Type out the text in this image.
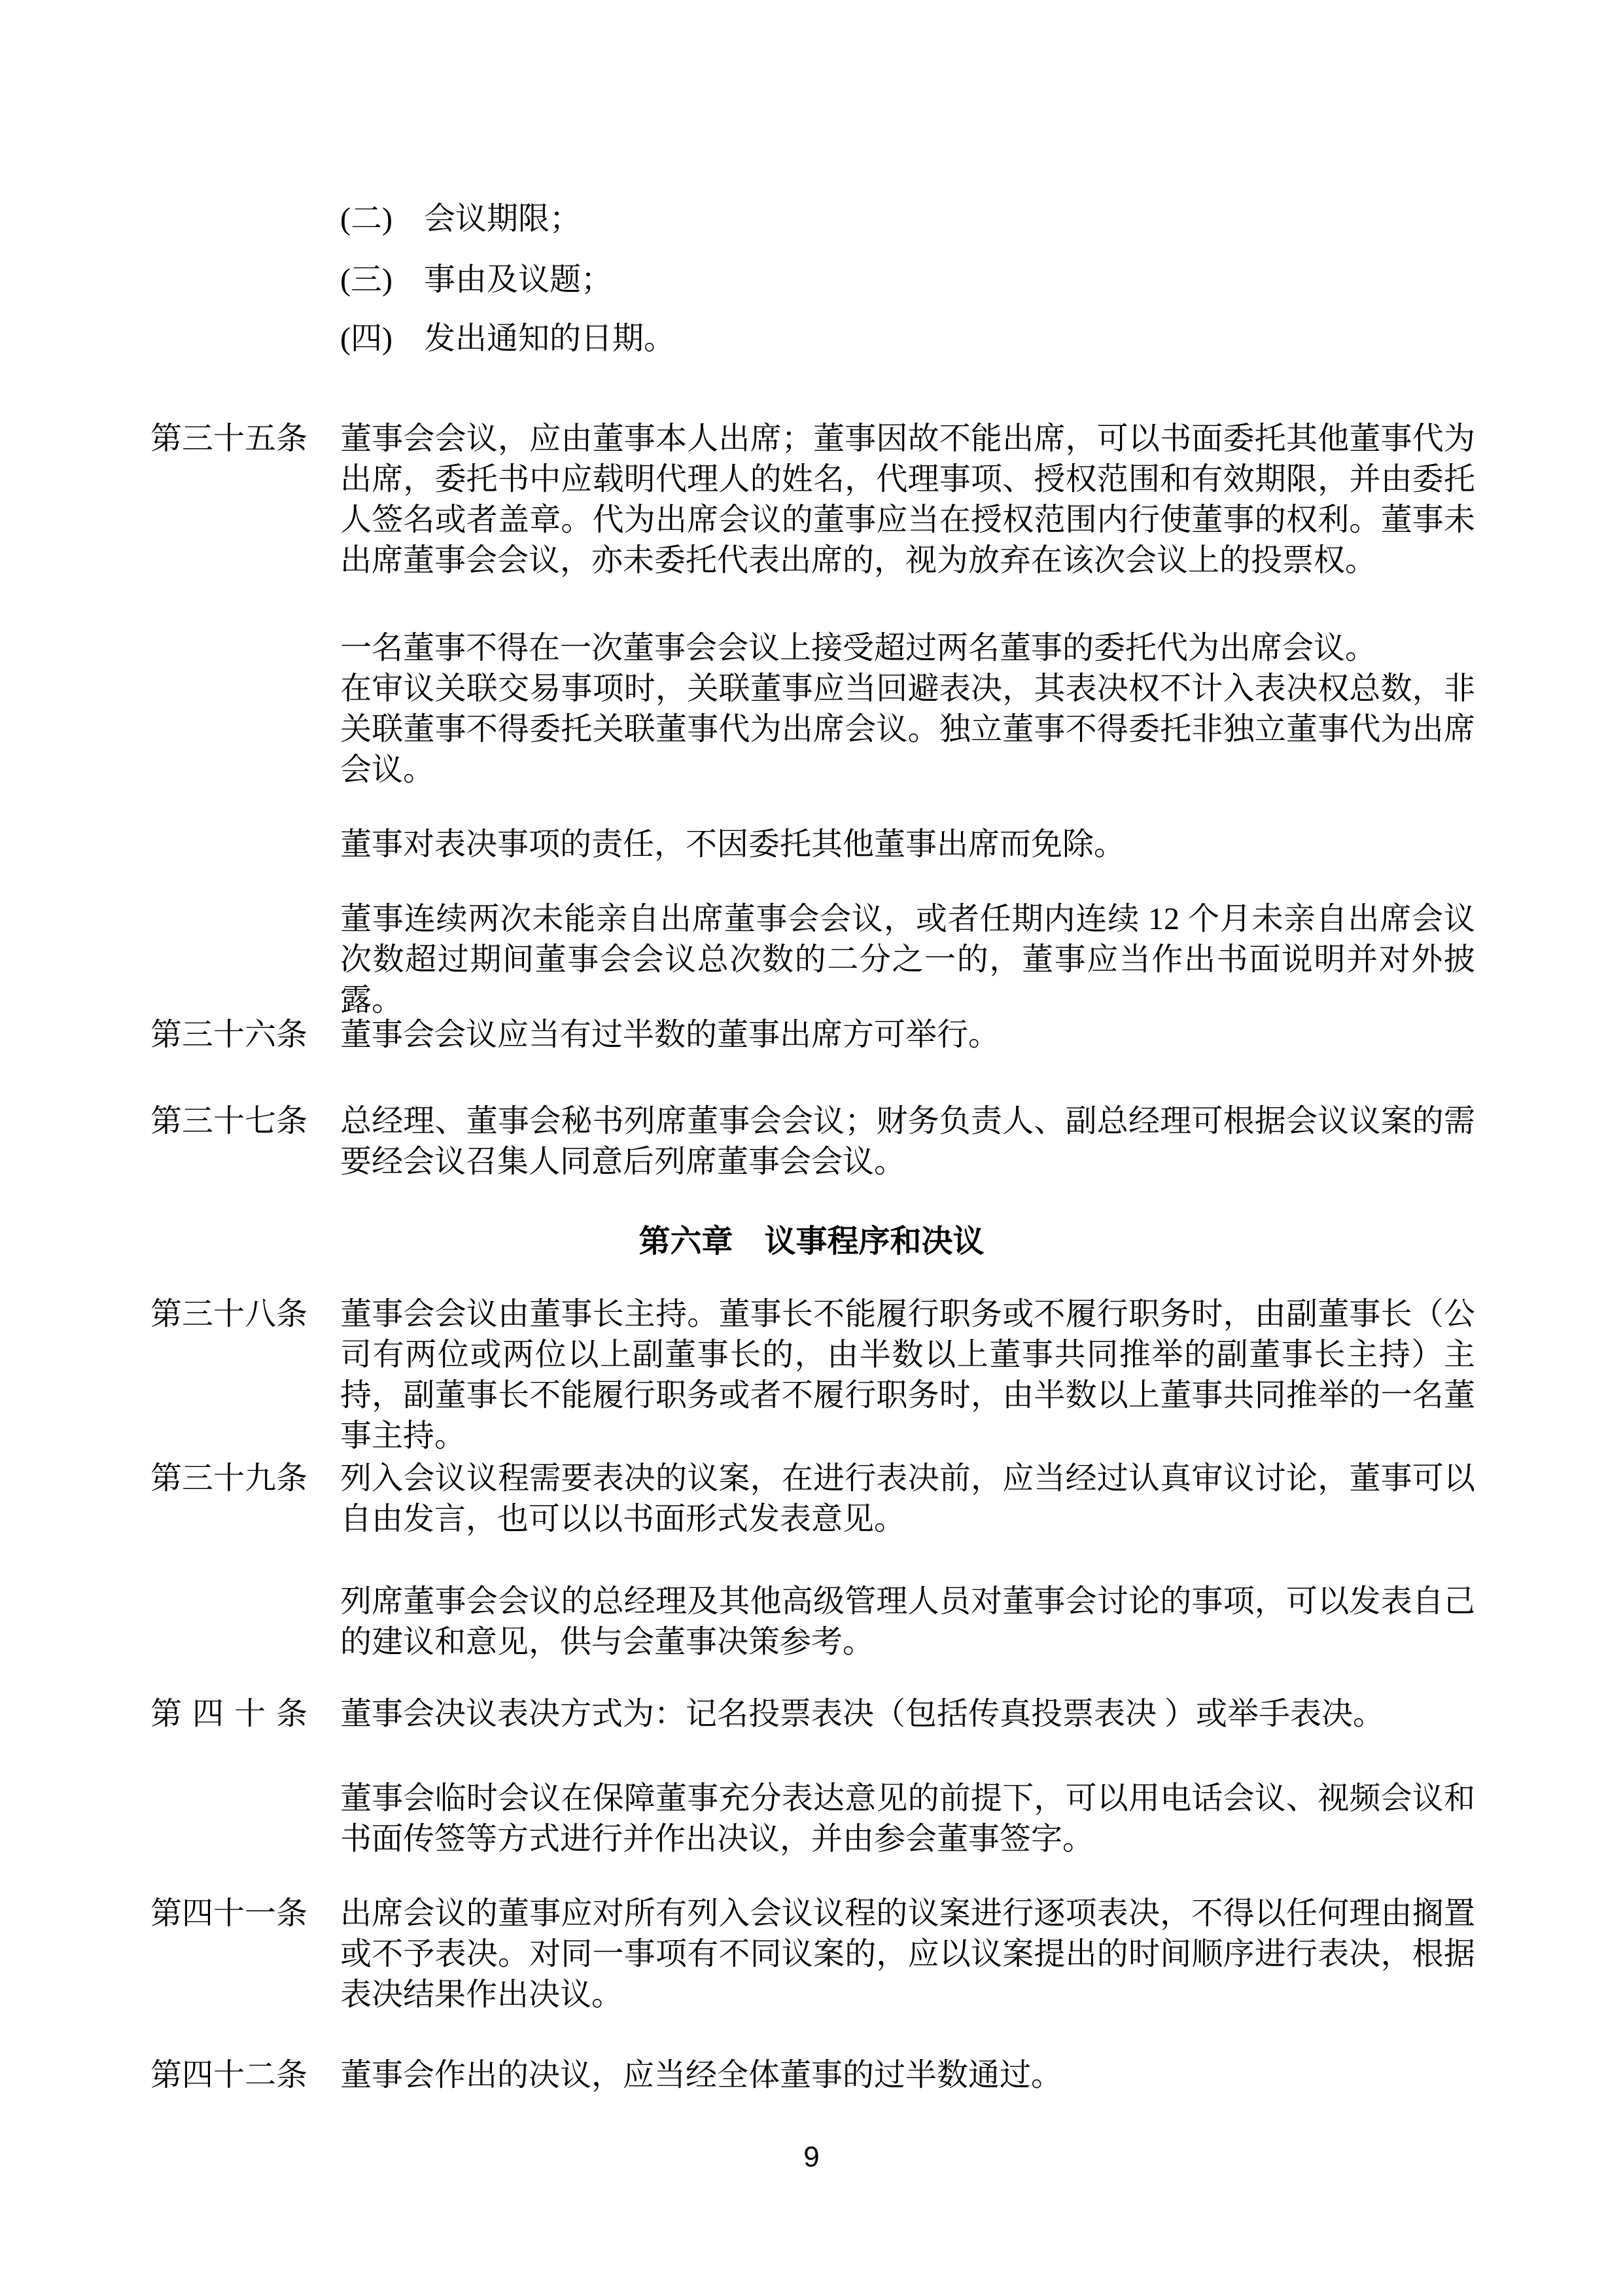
(二)　会议期限；
(三)　事由及议题；
(四)　发出通知的日期。
第三十五条 董事会会议，应由董事本人出席；董事因故不能出席，可以书面委托其他董事代为出席，委托书中应载明代理人的姓名，代理事项、授权范围和有效期限，并由委托人签名或者盖章。代为出席会议的董事应当在授权范围内行使董事的权利。董事未出席董事会会议，亦未委托代表出席的，视为放弃在该次会议上的投票权。
一名董事不得在一次董事会会议上接受超过两名董事的委托代为出席会议。
在审议关联交易事项时，关联董事应当回避表决，其表决权不计入表决权总数，非关联董事不得委托关联董事代为出席会议。独立董事不得委托非独立董事代为出席会议。
董事对表决事项的责任，不因委托其他董事出席而免除。
董事连续两次未能亲自出席董事会会议，或者任期内连续 12 个月未亲自出席会议次数超过期间董事会会议总次数的二分之一的，董事应当作出书面说明并对外披露。
第三十六条 董事会会议应当有过半数的董事出席方可举行。
第三十七条 总经理、董事会秘书列席董事会会议；财务负责人、副总经理可根据会议议案的需要经会议召集人同意后列席董事会会议。
第六章　议事程序和决议
第三十八条 董事会会议由董事长主持。董事长不能履行职务或不履行职务时，由副董事长（公司有两位或两位以上副董事长的，由半数以上董事共同推举的副董事长主持）主持，副董事长不能履行职务或者不履行职务时，由半数以上董事共同推举的一名董事主持。
第三十九条 列入会议议程需要表决的议案，在进行表决前，应当经过认真审议讨论，董事可以自由发言，也可以以书面形式发表意见。
列席董事会会议的总经理及其他高级管理人员对董事会讨论的事项，可以发表自己的建议和意见，供与会董事决策参考。
第四十条 董事会决议表决方式为：记名投票表决（包括传真投票表决 ）或举手表决。
董事会临时会议在保障董事充分表达意见的前提下，可以用电话会议、视频会议和书面传签等方式进行并作出决议，并由参会董事签字。
第四十一条 出席会议的董事应对所有列入会议议程的议案进行逐项表决，不得以任何理由搁置或不予表决。对同一事项有不同议案的，应以议案提出的时间顺序进行表决，根据表决结果作出决议。
第四十二条 董事会作出的决议，应当经全体董事的过半数通过。
9
